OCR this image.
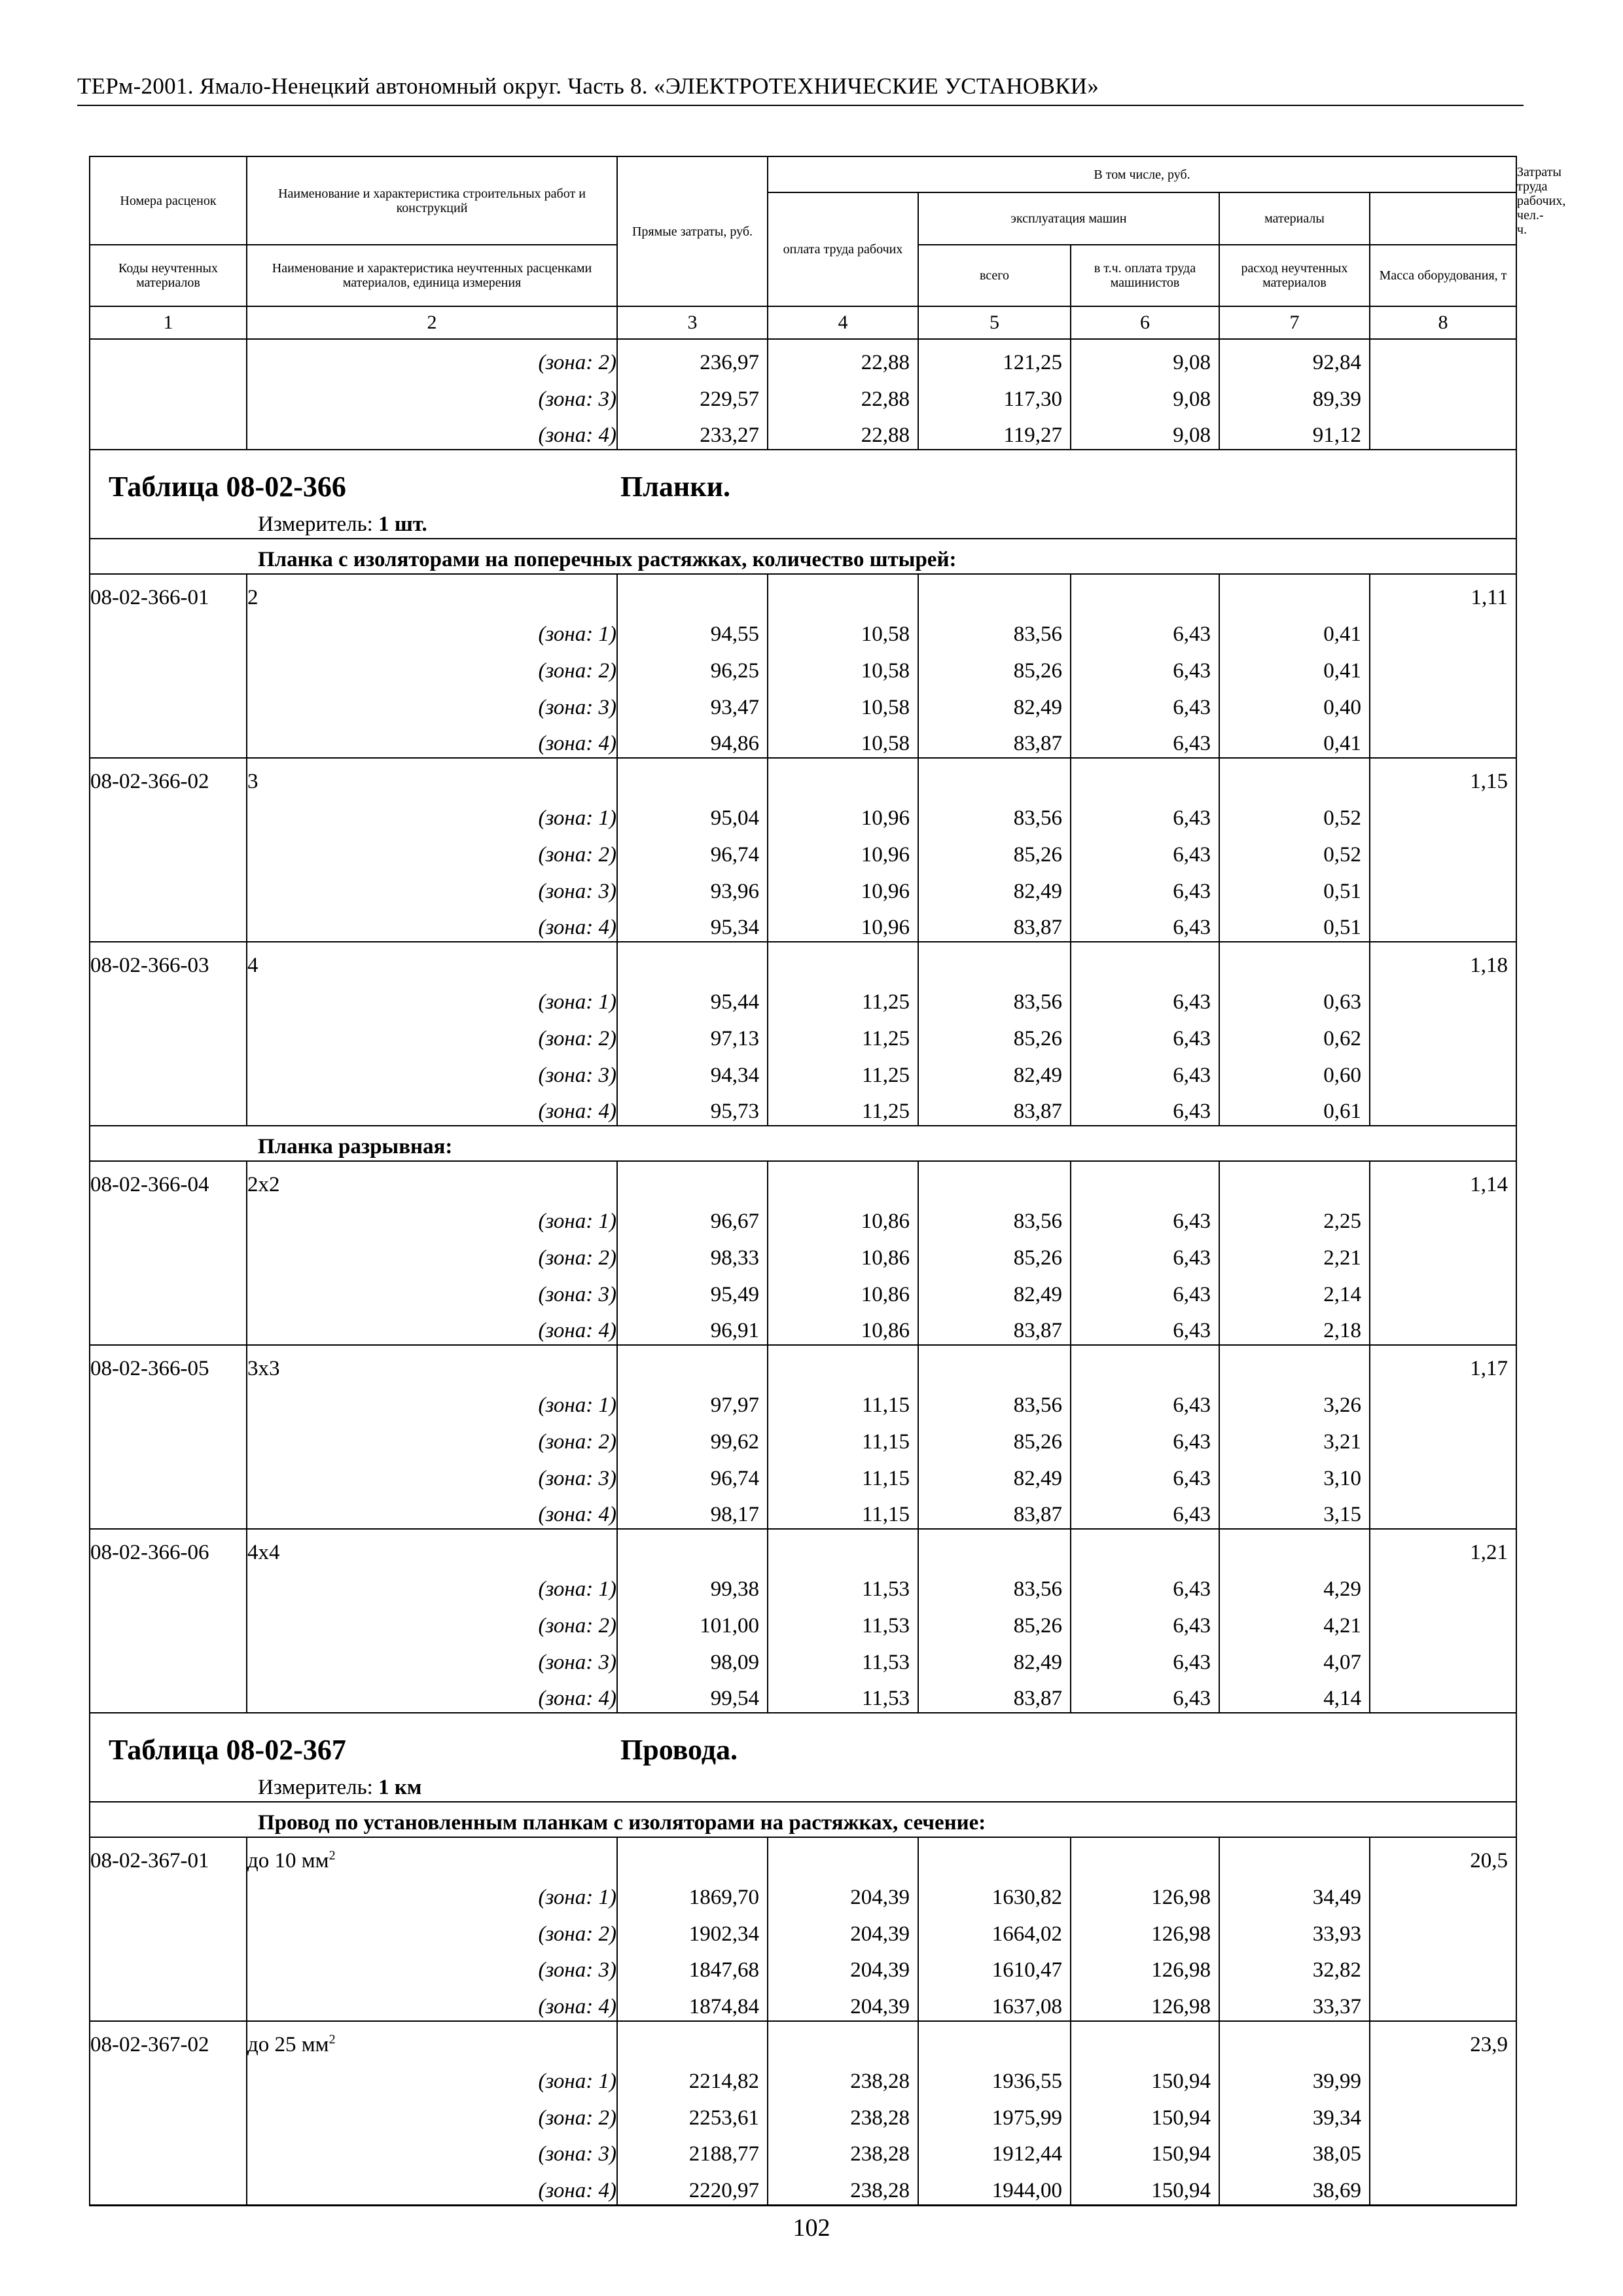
ТЕРм-2001. Ямало-Ненецкий автономный округ. Часть 8. «ЭЛЕКТРОТЕХНИЧЕСКИЕ УСТАНОВКИ»
Номера расценок	Наименование и характеристика строительных работ и конструкций	Прямые затраты, руб.	В том числе, руб.					Затраты труда рабочих, чел.-ч.
			оплата труда рабочих	эксплуатация машин		материалы		

Коды неучтенных материалов	Наименование и характеристика неучтенных расценками материалов, единица измерения			всего	в т.ч. оплата труда машинистов	расход неучтенных материалов	Масса оборудования, т	
1	2	3	4	5	6	7	8	
	(зона: 2)	236,97	22,88	121,25	9,08	92,84		
	(зона: 3)	229,57	22,88	117,30	9,08	89,39		
	(зона: 4)	233,27	22,88	119,27	9,08	91,12		

Таблица 08-02-366 Планки.								

Измеритель: 1 шт.								

Планка с изоляторами на поперечных растяжках, количество штырей:								
08-02-366-01	2						1,11	
	(зона: 1)	94,55	10,58	83,56	6,43	0,41		
	(зона: 2)	96,25	10,58	85,26	6,43	0,41		
	(зона: 3)	93,47	10,58	82,49	6,43	0,40		
	(зона: 4)	94,86	10,58	83,87	6,43	0,41		
08-02-366-02	3						1,15	
	(зона: 1)	95,04	10,96	83,56	6,43	0,52		
	(зона: 2)	96,74	10,96	85,26	6,43	0,52		
	(зона: 3)	93,96	10,96	82,49	6,43	0,51		
	(зона: 4)	95,34	10,96	83,87	6,43	0,51		
08-02-366-03	4						1,18	
	(зона: 1)	95,44	11,25	83,56	6,43	0,63		
	(зона: 2)	97,13	11,25	85,26	6,43	0,62		
	(зона: 3)	94,34	11,25	82,49	6,43	0,60		
	(зона: 4)	95,73	11,25	83,87	6,43	0,61		
Планка разрывная:								
08-02-366-04	2x2						1,14	
	(зона: 1)	96,67	10,86	83,56	6,43	2,25		
	(зона: 2)	98,33	10,86	85,26	6,43	2,21		
	(зона: 3)	95,49	10,86	82,49	6,43	2,14		
	(зона: 4)	96,91	10,86	83,87	6,43	2,18		
08-02-366-05	3x3						1,17	
	(зона: 1)	97,97	11,15	83,56	6,43	3,26		
	(зона: 2)	99,62	11,15	85,26	6,43	3,21		
	(зона: 3)	96,74	11,15	82,49	6,43	3,10		
	(зона: 4)	98,17	11,15	83,87	6,43	3,15		
08-02-366-06	4x4						1,21	
	(зона: 1)	99,38	11,53	83,56	6,43	4,29		
	(зона: 2)	101,00	11,53	85,26	6,43	4,21		
	(зона: 3)	98,09	11,53	82,49	6,43	4,07		
	(зона: 4)	99,54	11,53	83,87	6,43	4,14		

Таблица 08-02-367 Провода.								

Измеритель: 1 км								

Провод по установленным планкам с изоляторами на растяжках, сечение:								
08-02-367-01	до 10 $мм^2$						20,5	
	(зона: 1)	1869,70	204,39	1630,82	126,98	34,49		
	(зона: 2)	1902,34	204,39	1664,02	126,98	33,93		
	(зона: 3)	1847,68	204,39	1610,47	126,98	32,82		
	(зона: 4)	1874,84	204,39	1637,08	126,98	33,37		
08-02-367-02	до 25 $мм^2$						23,9	
	(зона: 1)	2214,82	238,28	1936,55	150,94	39,99		
	(зона: 2)	2253,61	238,28	1975,99	150,94	39,34		
	(зона: 3)	2188,77	238,28	1912,44	150,94	38,05		
	(зона: 4)	2220,97	238,28	1944,00	150,94	38,69		
102
